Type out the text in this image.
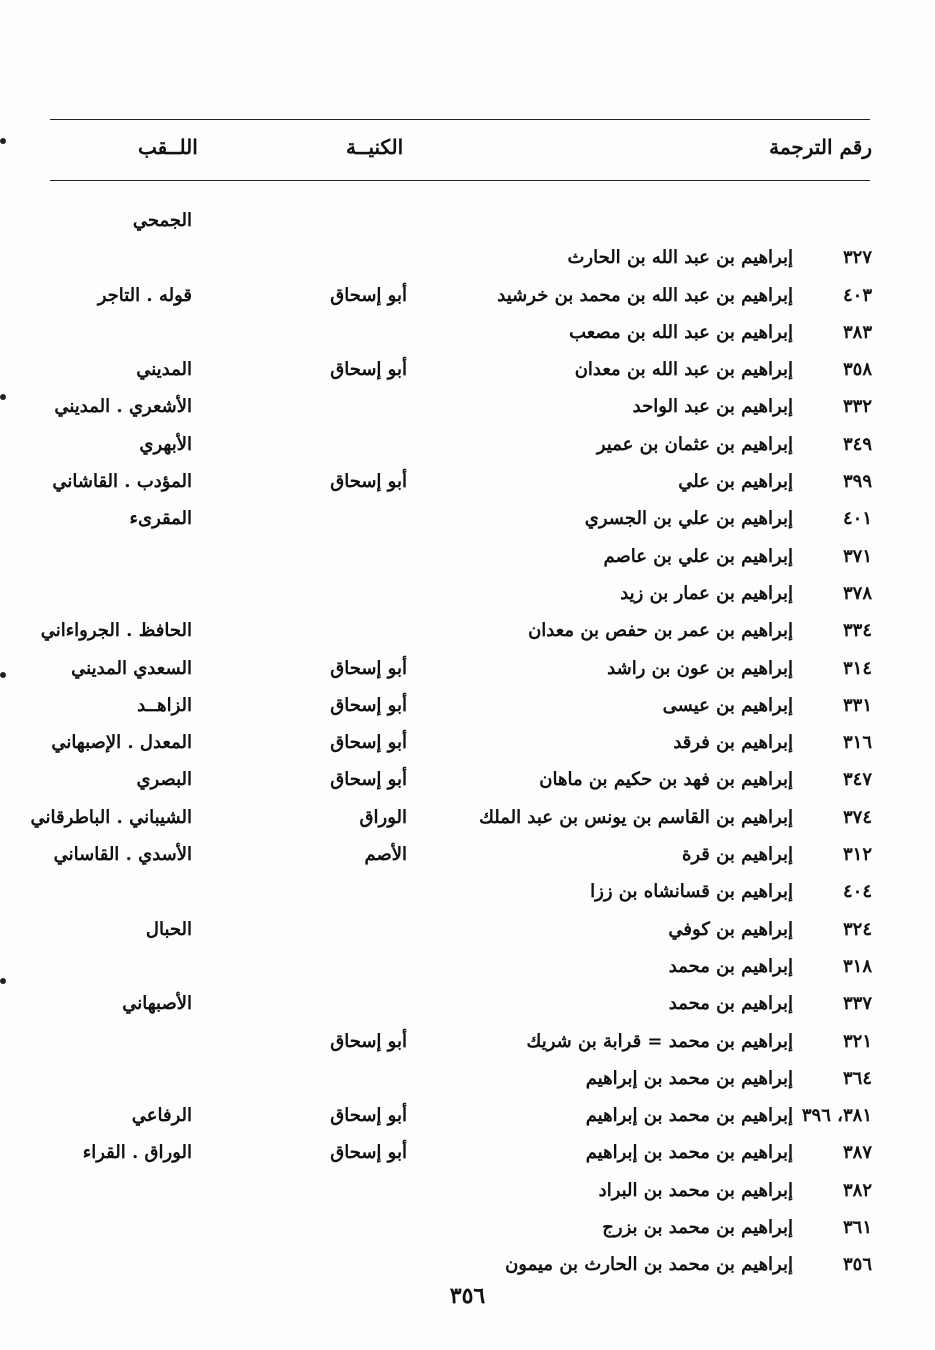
رقم الترجمة
الكنيــة
اللــقب
الجمحي
٣٢٧
إبراهيم بن عبد الله بن الحارث
٤٠٣
إبراهيم بن عبد الله بن محمد بن خرشيد
أبو إسحاق
قوله . التاجر
٣٨٣
إبراهيم بن عبد الله بن مصعب
٣٥٨
إبراهيم بن عبد الله بن معدان
أبو إسحاق
المديني
٣٣٢
إبراهيم بن عبد الواحد
الأشعري . المديني
٣٤٩
إبراهيم بن عثمان بن عمير
الأبهري
٣٩٩
إبراهيم بن علي
أبو إسحاق
المؤدب . القاشاني
٤٠١
إبراهيم بن علي بن الجسري
المقرىء
٣٧١
إبراهيم بن علي بن عاصم
٣٧٨
إبراهيم بن عمار بن زيد
٣٣٤
إبراهيم بن عمر بن حفص بن معدان
الحافظ . الجرواءاني
٣١٤
إبراهيم بن عون بن راشد
أبو إسحاق
السعدي المديني
٣٣١
إبراهيم بن عيسى
أبو إسحاق
الزاهــد
٣١٦
إبراهيم بن فرقد
أبو إسحاق
المعدل . الإصبهاني
٣٤٧
إبراهيم بن فهد بن حكيم بن ماهان
أبو إسحاق
البصري
٣٧٤
إبراهيم بن القاسم بن يونس بن عبد الملك
الوراق
الشيباني . الباطرقاني
٣١٢
إبراهيم بن قرة
الأصم
الأسدي . القاساني
٤٠٤
إبراهيم بن قسانشاه بن ززا
٣٢٤
إبراهيم بن كوفي
الحبال
٣١٨
إبراهيم بن محمد
٣٣٧
إبراهيم بن محمد
الأصبهاني
٣٢١
إبراهيم بن محمد = قرابة بن شريك
أبو إسحاق
٣٦٤
إبراهيم بن محمد بن إبراهيم
٣٨١، ٣٩٦
إبراهيم بن محمد بن إبراهيم
أبو إسحاق
الرفاعي
٣٨٧
إبراهيم بن محمد بن إبراهيم
أبو إسحاق
الوراق . القراء
٣٨٢
إبراهيم بن محمد بن البراد
٣٦١
إبراهيم بن محمد بن بزرج
٣٥٦
إبراهيم بن محمد بن الحارث بن ميمون
٣٥٦
